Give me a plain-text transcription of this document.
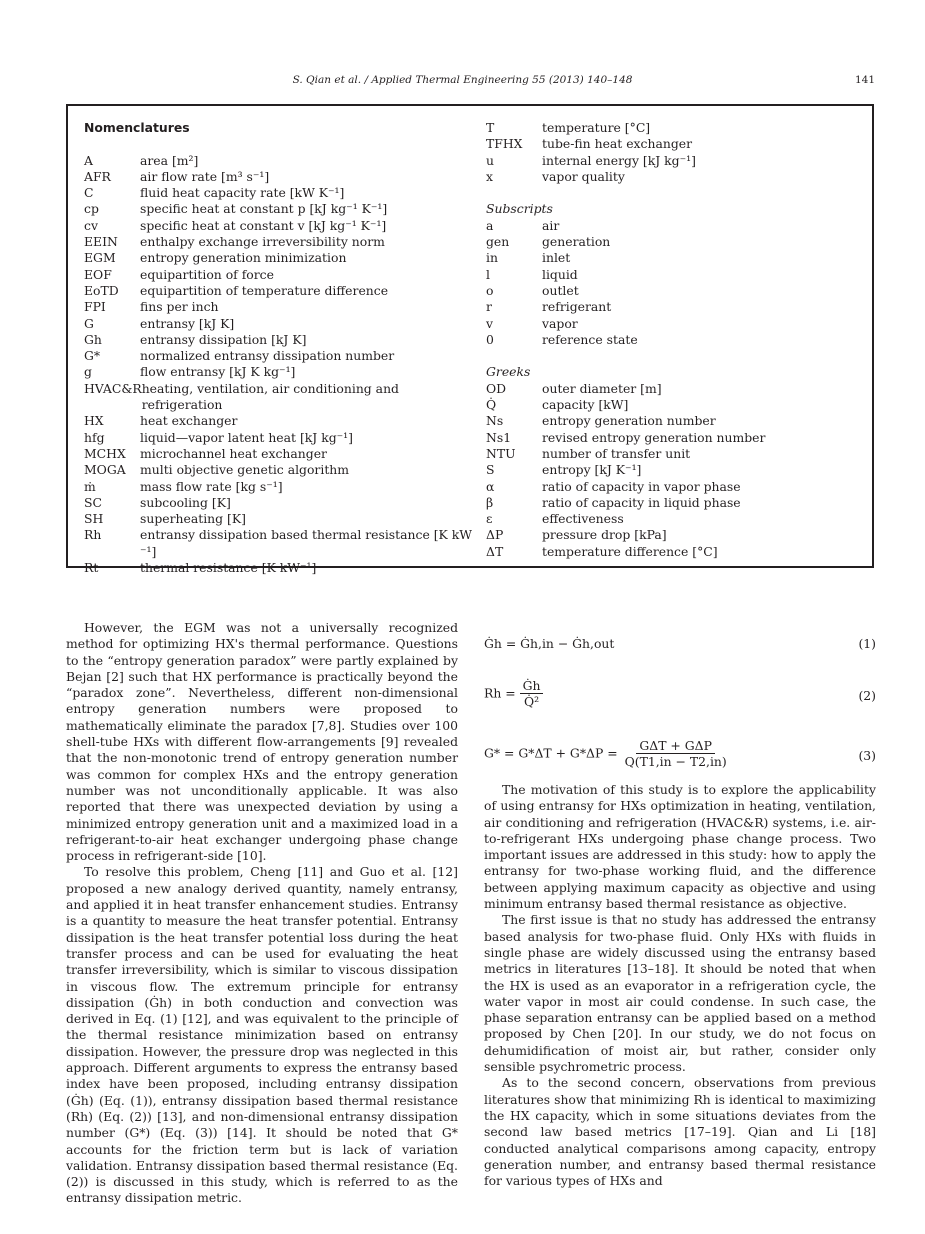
S. Qian et al. / Applied Thermal Engineering 55 (2013) 140–148	141
Nomenclatures
A	area [m²]
AFR	air flow rate [m³ s⁻¹]
C	fluid heat capacity rate [kW K⁻¹]
cp	specific heat at constant p [kJ kg⁻¹ K⁻¹]
cv	specific heat at constant v [kJ kg⁻¹ K⁻¹]
EEIN	enthalpy exchange irreversibility norm
EGM	entropy generation minimization
EOF	equipartition of force
EoTD	equipartition of temperature difference
FPI	fins per inch
G	entransy [kJ K]
Gh	entransy dissipation [kJ K]
G*	normalized entransy dissipation number
g	flow entransy [kJ K kg⁻¹]
HVAC&R heating, ventilation, air conditioning and refrigeration
HX	heat exchanger
hfg	liquid—vapor latent heat [kJ kg⁻¹]
MCHX	microchannel heat exchanger
MOGA	multi objective genetic algorithm
ṁ	mass flow rate [kg s⁻¹]
SC	subcooling [K]
SH	superheating [K]
Rh	entransy dissipation based thermal resistance [K kW ⁻¹]
Rt	thermal resistance [K kW⁻¹]
T	temperature [°C]
TFHX	tube-fin heat exchanger
u	internal energy [kJ kg⁻¹]
x	vapor quality
Subscripts
a	air
gen	generation
in	inlet
l	liquid
o	outlet
r	refrigerant
v	vapor
0	reference state
Greeks
OD	outer diameter [m]
Q̇	capacity [kW]
Ns	entropy generation number
Ns1	revised entropy generation number
NTU	number of transfer unit
S	entropy [kJ K⁻¹]
α	ratio of capacity in vapor phase
β	ratio of capacity in liquid phase
ε	effectiveness
ΔP	pressure drop [kPa]
ΔT	temperature difference [°C]

However, the EGM was not a universally recognized method for optimizing HX's thermal performance. Questions to the “entropy generation paradox” were partly explained by Bejan [2] such that HX performance is practically beyond the “paradox zone”. Nevertheless, different non-dimensional entropy generation numbers were proposed to mathematically eliminate the paradox [7,8]. Studies over 100 shell-tube HXs with different flow-arrangements [9] revealed that the non-monotonic trend of entropy generation number was common for complex HXs and the entropy generation number was not unconditionally applicable. It was also reported that there was unexpected deviation by using a minimized entropy generation unit and a maximized load in a refrigerant-to-air heat exchanger undergoing phase change process in refrigerant-side [10].

To resolve this problem, Cheng [11] and Guo et al. [12] proposed a new analogy derived quantity, namely entransy, and applied it in heat transfer enhancement studies. Entransy is a quantity to measure the heat transfer potential. Entransy dissipation is the heat transfer potential loss during the heat transfer process and can be used for evaluating the heat transfer irreversibility, which is similar to viscous dissipation in viscous flow. The extremum principle for entransy dissipation (Ġh) in both conduction and convection was derived in Eq. (1) [12], and was equivalent to the principle of the thermal resistance minimization based on entransy dissipation. However, the pressure drop was neglected in this approach. Different arguments to express the entransy based index have been proposed, including entransy dissipation (Ġh) (Eq. (1)), entransy dissipation based thermal resistance (Rh) (Eq. (2)) [13], and non-dimensional entransy dissipation number (G*) (Eq. (3)) [14]. It should be noted that G* accounts for the friction term but is lack of variation validation. Entransy dissipation based thermal resistance (Eq. (2)) is discussed in this study, which is referred to as the entransy dissipation metric.

Ġh = Ġh,in − Ġh,out	(1)
$Rh = \frac{Ġh}{\text{Q̇²}}$	(2)
$G* = G*\Delta T + G*\Delta P = \frac{\text{GΔT + GΔP}}{Q(T1,in - T2,in)}$	(3)

The motivation of this study is to explore the applicability of using entransy for HXs optimization in heating, ventilation, air conditioning and refrigeration (HVAC&R) systems, i.e. air-to-refrigerant HXs undergoing phase change process. Two important issues are addressed in this study: how to apply the entransy for two-phase working fluid, and the difference between applying maximum capacity as objective and using minimum entransy based thermal resistance as objective.

The first issue is that no study has addressed the entransy based analysis for two-phase fluid. Only HXs with fluids in single phase are widely discussed using the entransy based metrics in literatures [13–18]. It should be noted that when the HX is used as an evaporator in a refrigeration cycle, the water vapor in most air could condense. In such case, the phase separation entransy can be applied based on a method proposed by Chen [20]. In our study, we do not focus on dehumidification of moist air, but rather, consider only sensible psychrometric process.

As to the second concern, observations from previous literatures show that minimizing Rh is identical to maximizing the HX capacity, which in some situations deviates from the second law based metrics [17–19]. Qian and Li [18] conducted analytical comparisons among capacity, entropy generation number, and entransy based thermal resistance for various types of HXs and
